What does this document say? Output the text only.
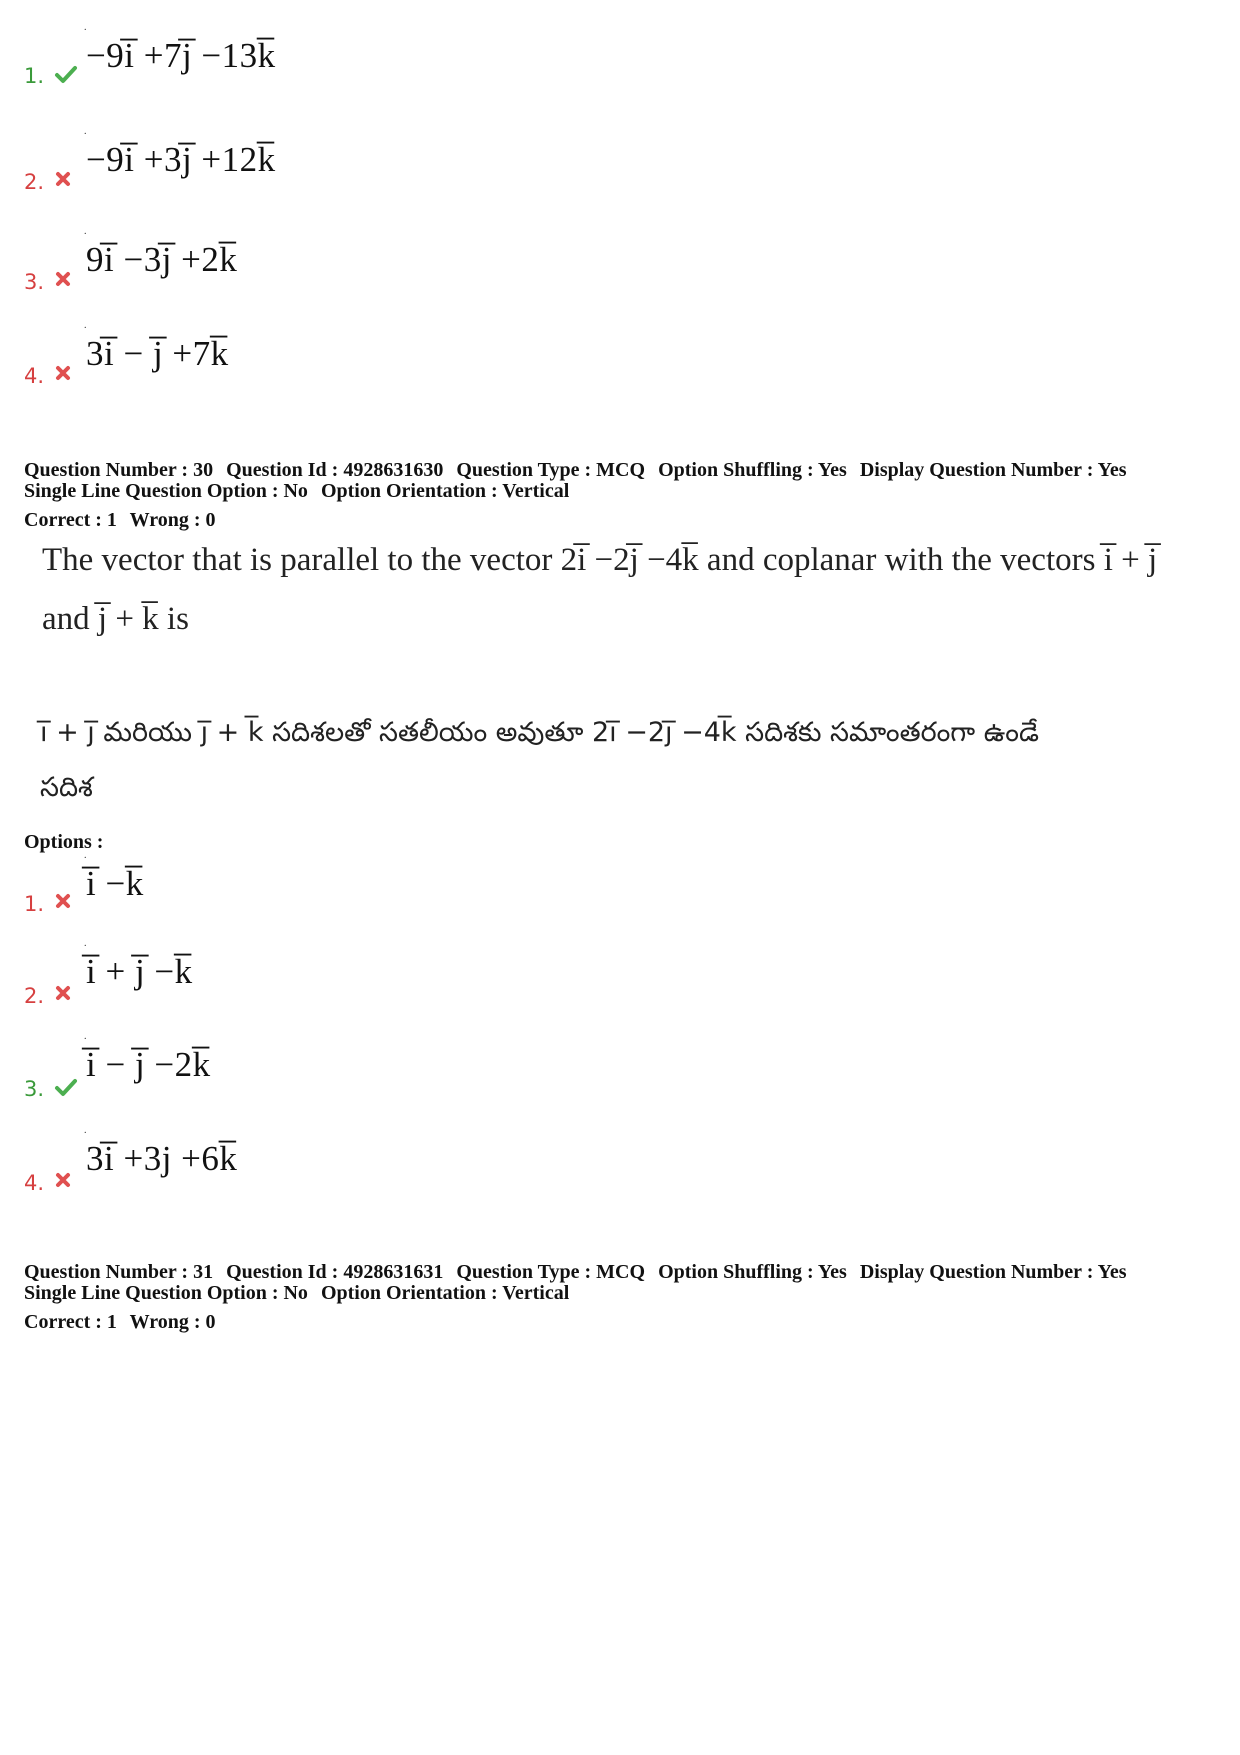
1.
. −9i̅ +7j̅ −13k̅
2.
. −9i̅ +3j̅ +12k̅
3.
. 9i̅ −3j̅ +2k̅
4.
. 3i̅ − j̅ +7k̅
Question Number : 30 Question Id : 4928631630 Question Type : MCQ Option Shuffling : Yes Display Question Number : Yes
Single Line Question Option : No Option Orientation : Vertical
Correct : 1 Wrong : 0
The vector that is parallel to the vector 2i̅ −2j̅ −4k̅ and coplanar with the vectors i̅ + j̅
and j̅ + k̅ is
i̅ + j̅ మరియు j̅ + k̅ సదిశలతో సతలీయం అవుతూ 2i̅ −2j̅ −4k̅ సదిశకు సమాంతరంగా ఉండే
సదిశ
Options :
1.
. i̅ −k̅
2.
. i̅ + j̅ −k̅
3.
. i̅ − j̅ −2k̅
4.
. 3i̅ +3j +6k̅
Question Number : 31 Question Id : 4928631631 Question Type : MCQ Option Shuffling : Yes Display Question Number : Yes
Single Line Question Option : No Option Orientation : Vertical
Correct : 1 Wrong : 0
